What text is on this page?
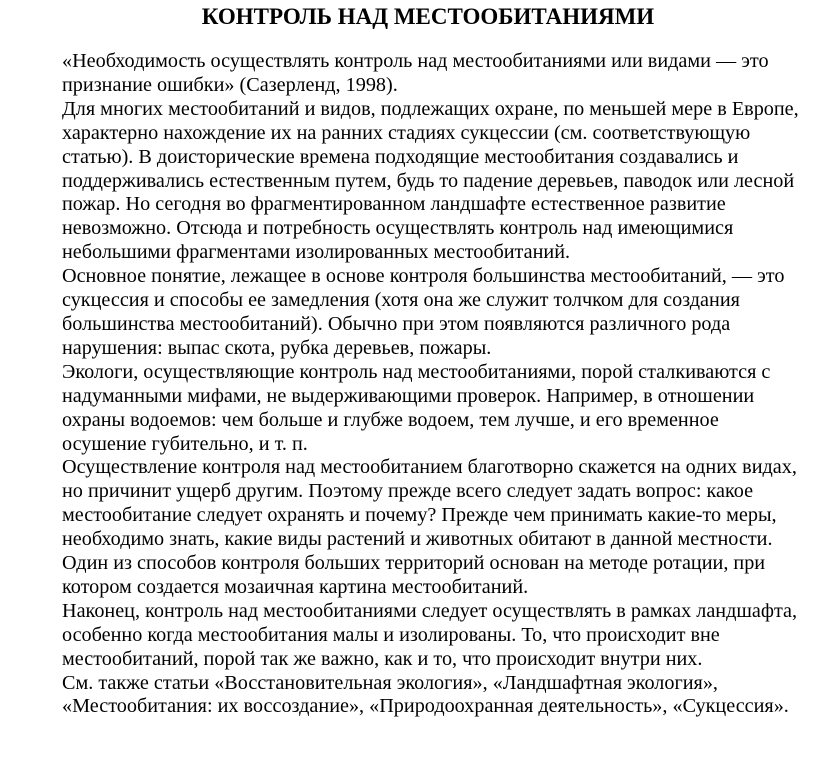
КОНТРОЛЬ НАД МЕСТООБИТАНИЯМИ

«Необходимость осуществлять контроль над местообитаниями или видами — это признание ошибки» (Сазерленд, 1998).

Для многих местообитаний и видов, подлежащих охране, по меньшей мере в Европе, характерно нахождение их на ранних стадиях сукцессии (см. соответствующую статью). В доисторические времена подходящие местообитания создавались и поддерживались естественным путем, будь то падение деревьев, паводок или лесной пожар. Но сегодня во фрагментированном ландшафте естественное развитие невозможно. Отсюда и потребность осуществлять контроль над имеющимися небольшими фрагментами изолированных местообитаний.

Основное понятие, лежащее в основе контроля большинства местообитаний, — это сукцессия и способы ее замедления (хотя она же служит толчком для создания большинства местообитаний). Обычно при этом появляются различного рода нарушения: выпас скота, рубка деревьев, пожары.

Экологи, осуществляющие контроль над местообитаниями, порой сталкиваются с надуманными мифами, не выдерживающими проверок. Например, в отношении охраны водоемов: чем больше и глубже водоем, тем лучше, и его временное осушение губительно, и т. п.

Осуществление контроля над местообитанием благотворно скажется на одних видах, но причинит ущерб другим. Поэтому прежде всего следует задать вопрос: какое местообитание следует охранять и почему? Прежде чем принимать какие-то меры, необходимо знать, какие виды растений и животных обитают в данной местности. Один из способов контроля больших территорий основан на методе ротации, при котором создается мозаичная картина местообитаний.

Наконец, контроль над местообитаниями следует осуществлять в рамках ландшафта, особенно когда местообитания малы и изолированы. То, что происходит вне местообитаний, порой так же важно, как и то, что происходит внутри них.

См. также статьи «Восстановительная экология», «Ландшафтная экология», «Местообитания: их воссоздание», «Природоохранная деятельность», «Сукцессия».
